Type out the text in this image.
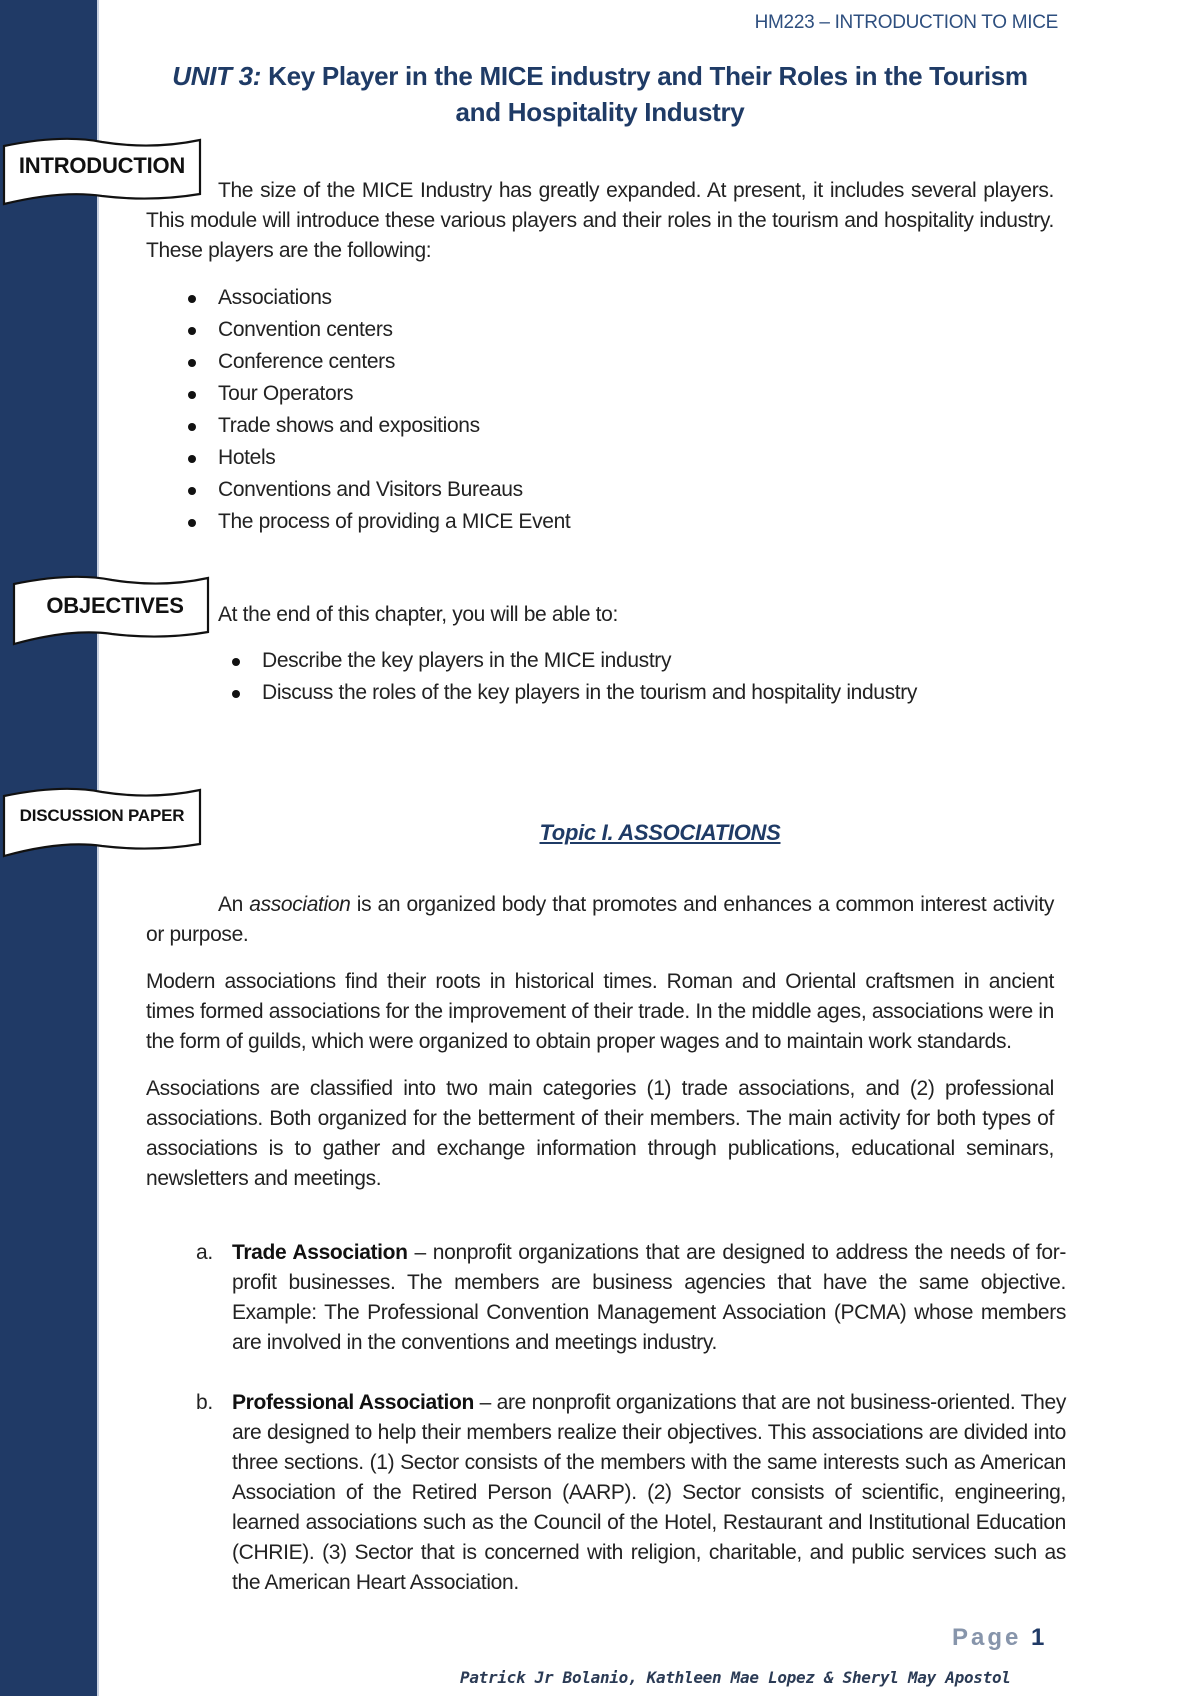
HM223 – INTRODUCTION TO MICE
UNIT 3: Key Player in the MICE industry and Their Roles in the Tourism and Hospitality Industry
INTRODUCTION
The size of the MICE Industry has greatly expanded. At present, it includes several players. This module will introduce these various players and their roles in the tourism and hospitality industry. These players are the following:
Associations
Convention centers
Conference centers
Tour Operators
Trade shows and expositions
Hotels
Conventions and Visitors Bureaus
The process of providing a MICE Event
OBJECTIVES	At the end of this chapter, you will be able to:
Describe the key players in the MICE industry
Discuss the roles of the key players in the tourism and hospitality industry
DISCUSSION PAPER
Topic I. ASSOCIATIONS
An association is an organized body that promotes and enhances a common interest activity or purpose.
Modern associations find their roots in historical times. Roman and Oriental craftsmen in ancient times formed associations for the improvement of their trade. In the middle ages, associations were in the form of guilds, which were organized to obtain proper wages and to maintain work standards.
Associations are classified into two main categories (1) trade associations, and (2) professional associations. Both organized for the betterment of their members. The main activity for both types of associations is to gather and exchange information through publications, educational seminars, newsletters and meetings.
a. Trade Association – nonprofit organizations that are designed to address the needs of for-profit businesses. The members are business agencies that have the same objective. Example: The Professional Convention Management Association (PCMA) whose members are involved in the conventions and meetings industry.
b. Professional Association – are nonprofit organizations that are not business-oriented. They are designed to help their members realize their objectives. This associations are divided into three sections. (1) Sector consists of the members with the same interests such as American Association of the Retired Person (AARP). (2) Sector consists of scientific, engineering, learned associations such as the Council of the Hotel, Restaurant and Institutional Education (CHRIE). (3) Sector that is concerned with religion, charitable, and public services such as the American Heart Association.
Page 1
Patrick Jr Bolanio, Kathleen Mae Lopez & Sheryl May Apostol
